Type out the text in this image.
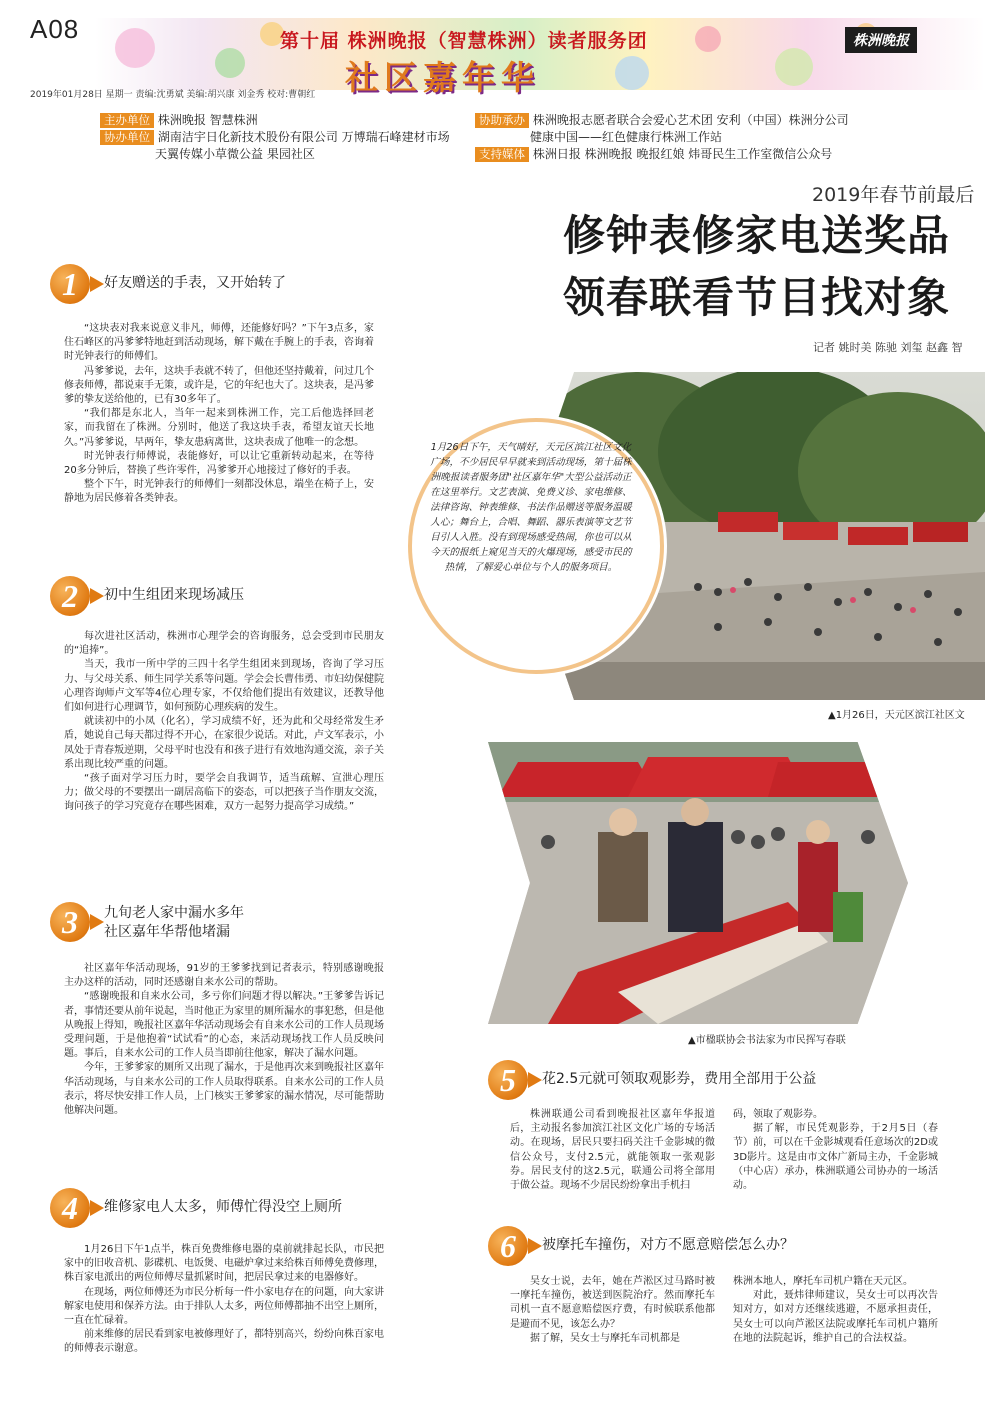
A08	第十届 株洲晚报（智慧株洲）读者服务团
社区嘉年华
株洲晚报
2019年01月28日 星期一 责编:沈勇斌 美编:胡兴康 刘金秀 校对:曹朝红
主办单位 株洲晚报 智慧株洲
协办单位 湖南洁宇日化新技术股份有限公司 万博瑞石峰建材市场
天翼传媒小草微公益 果园社区
协助承办 株洲晚报志愿者联合会爱心艺术团 安利（中国）株洲分公司
健康中国——红色健康行株洲工作站
支持媒体 株洲日报 株洲晚报 晚报红娘 炜哥民生工作室微信公众号
2019年春节前最后
修钟表修家电送奖品
领春联看节目找对象
记者 姚时美 陈驰 刘玺 赵鑫 智
1月26日下午，天气晴好，天元区滨江社区文化广场，不少居民早早就来到活动现场，第十届株洲晚报读者服务团"社区嘉年华"大型公益活动正在这里举行。文艺表演、免费义诊、家电维修、法律咨询、钟表维修、书法作品赠送等服务温暖人心；舞台上，合唱、舞蹈、器乐表演等文艺节目引人入胜。没有到现场感受热闹，你也可以从今天的报纸上窥见当天的火爆现场，感受市民的热情，了解爱心单位与个人的服务项目。
▲1月26日，天元区滨江社区文
▲市楹联协会书法家为市民挥写春联
1	好友赠送的手表，又开始转了

“这块表对我来说意义非凡，师傅，还能修好吗？”下午3点多，家住石峰区的冯爹爹特地赶到活动现场，解下戴在手腕上的手表，咨询着时光钟表行的师傅们。

冯爹爹说，去年，这块手表就不转了，但他还坚持戴着，问过几个修表师傅，都说束手无策，或许是，它的年纪也大了。这块表，是冯爹爹的挚友送给他的，已有30多年了。

“我们都是东北人，当年一起来到株洲工作，完工后他选择回老家，而我留在了株洲。分别时，他送了我这块手表，希望友谊天长地久。”冯爹爹说，早两年，挚友患病离世，这块表成了他唯一的念想。

时光钟表行师傅说，表能修好，可以让它重新转动起来，在等待20多分钟后，替换了些许零件，冯爹爹开心地接过了修好的手表。

整个下午，时光钟表行的师傅们一刻都没休息，端坐在椅子上，安静地为居民修着各类钟表。

2	初中生组团来现场减压

每次进社区活动，株洲市心理学会的咨询服务，总会受到市民朋友的“追捧”。

当天，我市一所中学的三四十名学生组团来到现场，咨询了学习压力、与父母关系、师生同学关系等问题。学会会长曹伟勇、市妇幼保健院心理咨询师卢文军等4位心理专家，不仅给他们提出有效建议，还教导他们如何进行心理调节，如何预防心理疾病的发生。

就读初中的小凤（化名），学习成绩不好，还为此和父母经常发生矛盾，她说自己每天都过得不开心，在家很少说话。对此，卢文军表示，小凤处于青春叛逆期，父母平时也没有和孩子进行有效地沟通交流，亲子关系出现比较严重的问题。

“孩子面对学习压力时，要学会自我调节，适当疏解、宣泄心理压力；做父母的不要摆出一副居高临下的姿态，可以把孩子当作朋友交流，询问孩子的学习究竟存在哪些困难，双方一起努力提高学习成绩。”

3	九旬老人家中漏水多年
社区嘉年华帮他堵漏

社区嘉年华活动现场，91岁的王爹爹找到记者表示，特别感谢晚报主办这样的活动，同时还感谢自来水公司的帮助。

“感谢晚报和自来水公司，多亏你们问题才得以解决。”王爹爹告诉记者，事情还要从前年说起，当时他正为家里的厕所漏水的事犯愁，但是他从晚报上得知，晚报社区嘉年华活动现场会有自来水公司的工作人员现场受理问题，于是他抱着“试试看”的心态，来活动现场找工作人员反映问题。事后，自来水公司的工作人员当即前往他家，解决了漏水问题。

今年，王爹爹家的厕所又出现了漏水，于是他再次来到晚报社区嘉年华活动现场，与自来水公司的工作人员取得联系。自来水公司的工作人员表示，将尽快安排工作人员，上门核实王爹爹家的漏水情况，尽可能帮助他解决问题。

4	维修家电人太多，师傅忙得没空上厕所

1月26日下午1点半，株百免费维修电器的桌前就排起长队，市民把家中的旧收音机、影碟机、电饭煲、电磁炉拿过来给株百师傅免费修理，株百家电派出的两位师傅尽量抓紧时间，把居民拿过来的电器修好。

在现场，两位师傅还为市民分析每一件小家电存在的问题，向大家讲解家电使用和保养方法。由于排队人太多，两位师傅都抽不出空上厕所，一直在忙碌着。

前来维修的居民看到家电被修理好了，都特别高兴，纷纷向株百家电的师傅表示谢意。

5	花2.5元就可领取观影券，费用全部用于公益

株洲联通公司看到晚报社区嘉年华报道后，主动报名参加滨江社区文化广场的专场活动。在现场，居民只要扫码关注千金影城的微信公众号，支付2.5元，就能领取一张观影券。居民支付的这2.5元，联通公司将全部用于做公益。现场不少居民纷纷拿出手机扫

码，领取了观影券。

据了解，市民凭观影券，于2月5日（春节）前，可以在千金影城观看任意场次的2D或3D影片。这是由市文体广新局主办，千金影城（中心店）承办，株洲联通公司协办的一场活动。

6	被摩托车撞伤，对方不愿意赔偿怎么办？

吴女士说，去年，她在芦淞区过马路时被一摩托车撞伤，被送到医院治疗。然而摩托车司机一直不愿意赔偿医疗费，有时候联系他都是避而不见，该怎么办？

据了解，吴女士与摩托车司机都是

株洲本地人，摩托车司机户籍在天元区。

对此，聂炜律师建议，吴女士可以再次告知对方，如对方还继续逃避，不愿承担责任，吴女士可以向芦淞区法院或摩托车司机户籍所在地的法院起诉，维护自己的合法权益。
